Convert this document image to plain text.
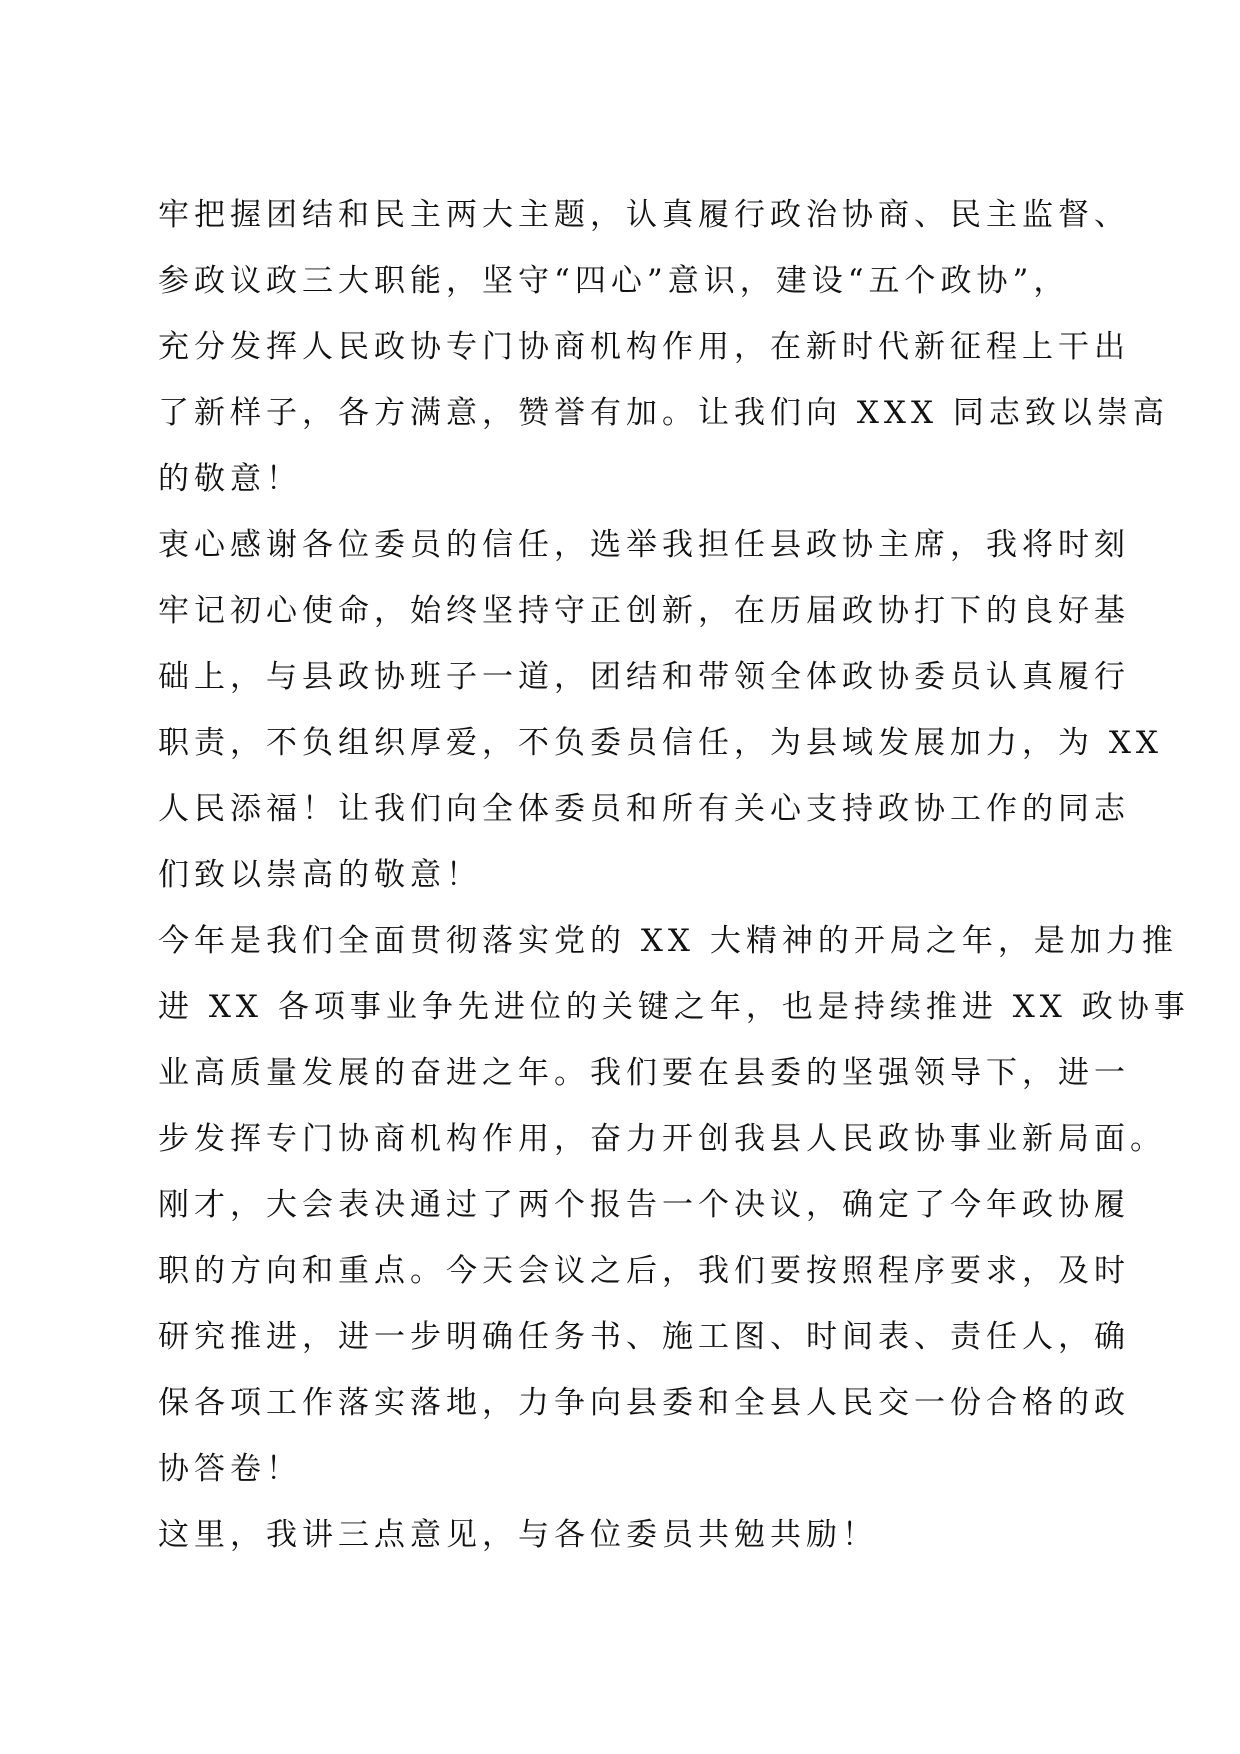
牢把握团结和民主两大主题，认真履行政治协商、民主监督、
参政议政三大职能，坚守“四心”意识，建设“五个政协”，
充分发挥人民政协专门协商机构作用，在新时代新征程上干出
了新样子，各方满意，赞誉有加。让我们向 XXX 同志致以崇高
的敬意！
衷心感谢各位委员的信任，选举我担任县政协主席，我将时刻
牢记初心使命，始终坚持守正创新，在历届政协打下的良好基
础上，与县政协班子一道，团结和带领全体政协委员认真履行
职责，不负组织厚爱，不负委员信任，为县域发展加力，为 XX
人民添福！让我们向全体委员和所有关心支持政协工作的同志
们致以崇高的敬意！
今年是我们全面贯彻落实党的 XX 大精神的开局之年，是加力推
进 XX 各项事业争先进位的关键之年，也是持续推进 XX 政协事
业高质量发展的奋进之年。我们要在县委的坚强领导下，进一
步发挥专门协商机构作用，奋力开创我县人民政协事业新局面。
刚才，大会表决通过了两个报告一个决议，确定了今年政协履
职的方向和重点。今天会议之后，我们要按照程序要求，及时
研究推进，进一步明确任务书、施工图、时间表、责任人，确
保各项工作落实落地，力争向县委和全县人民交一份合格的政
协答卷！
这里，我讲三点意见，与各位委员共勉共励！
